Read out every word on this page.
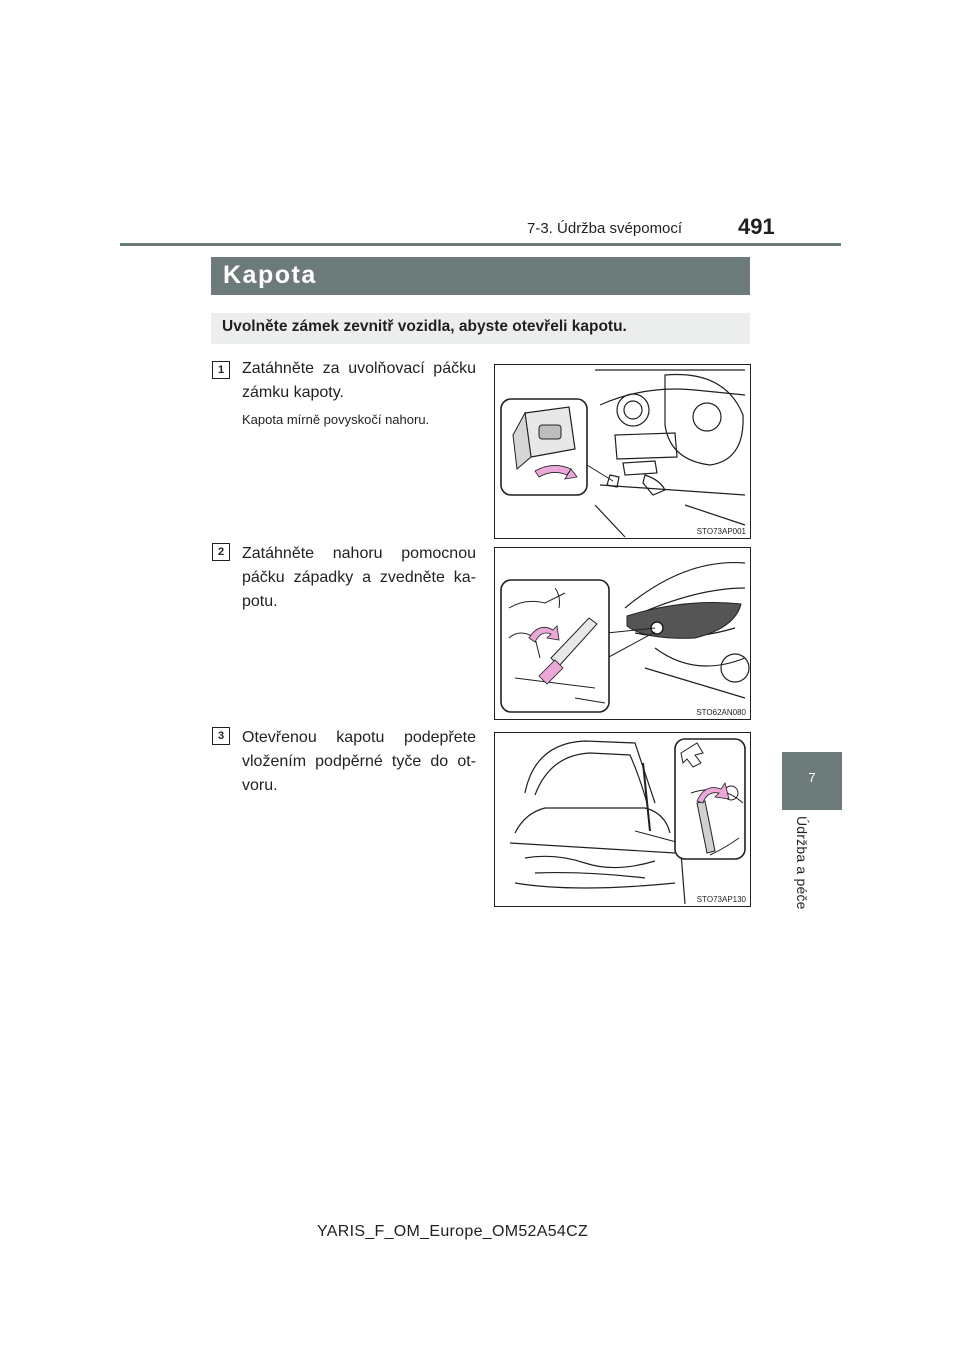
7-3. Údržba svépomocí	491
7
Údržba a péče
Kapota
Uvolněte zámek zevnitř vozidla, abyste otevřeli kapotu.
1	Zatáhněte za uvolňovací páčku zámku kapoty.
Kapota mírně povyskočí nahoru.
STO73AP001
2	Zatáhněte nahoru pomocnou páčku západky a zvedněte ka-potu.
STO62AN080
3	Otevřenou kapotu podepřete vložením podpěrné tyče do ot-voru.
STO73AP130
YARIS_F_OM_Europe_OM52A54CZ
